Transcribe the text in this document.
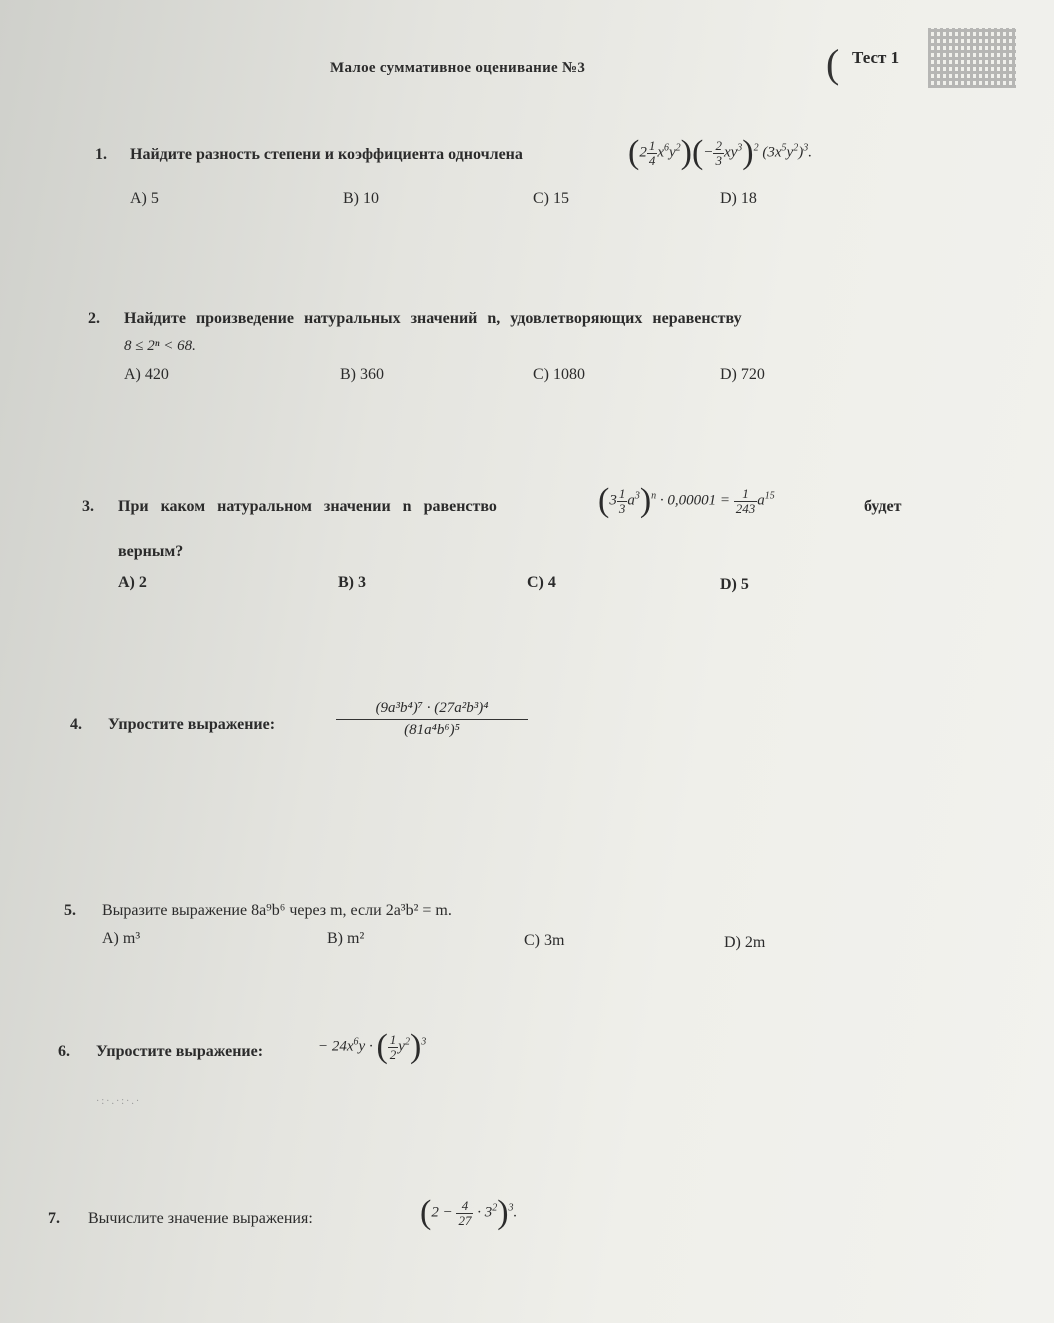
Малое суммативное оценивание №3	( Тест 1
1. Найдите разность степени и коэффициента одночлена	$(2 \frac{1}{4} x^6y^2)(- \frac{2}{3} xy^3)^2$ $(3x^5y^2)^3$.
A) 5	B) 10	C) 15	D) 18
2. Найдите произведение натуральных значений n, удовлетворяющих неравенству
8 ≤ 2ⁿ < 68.
A) 420	B) 360	C) 1080	D) 720
3. При каком натуральном значении n равенство	$(3 \frac{1}{3} a^3)^n \cdot 0,00001 = \frac{1}{243} a^{15}$
будет
верным?
A) 2	B) 3	C) 4	D) 5
4. Упростите выражение:	$\frac{\text{(9a³b⁴)⁷ · (27a²b³)⁴}}{\text{(81a⁴b⁶)⁵}}$
5. Выразите выражение 8a⁹b⁶ через m, если 2a³b² = m.
A) m³	B) m²	C) 3m	D) 2m
6. Упростите выражение:	− $24x^6y$ · ( $\frac{1}{2} y^2)^3$
·:·.·:·.·
7. Вычислите значение выражения:	$(2 - \frac{4}{27} \cdot 3^2)^3$.
